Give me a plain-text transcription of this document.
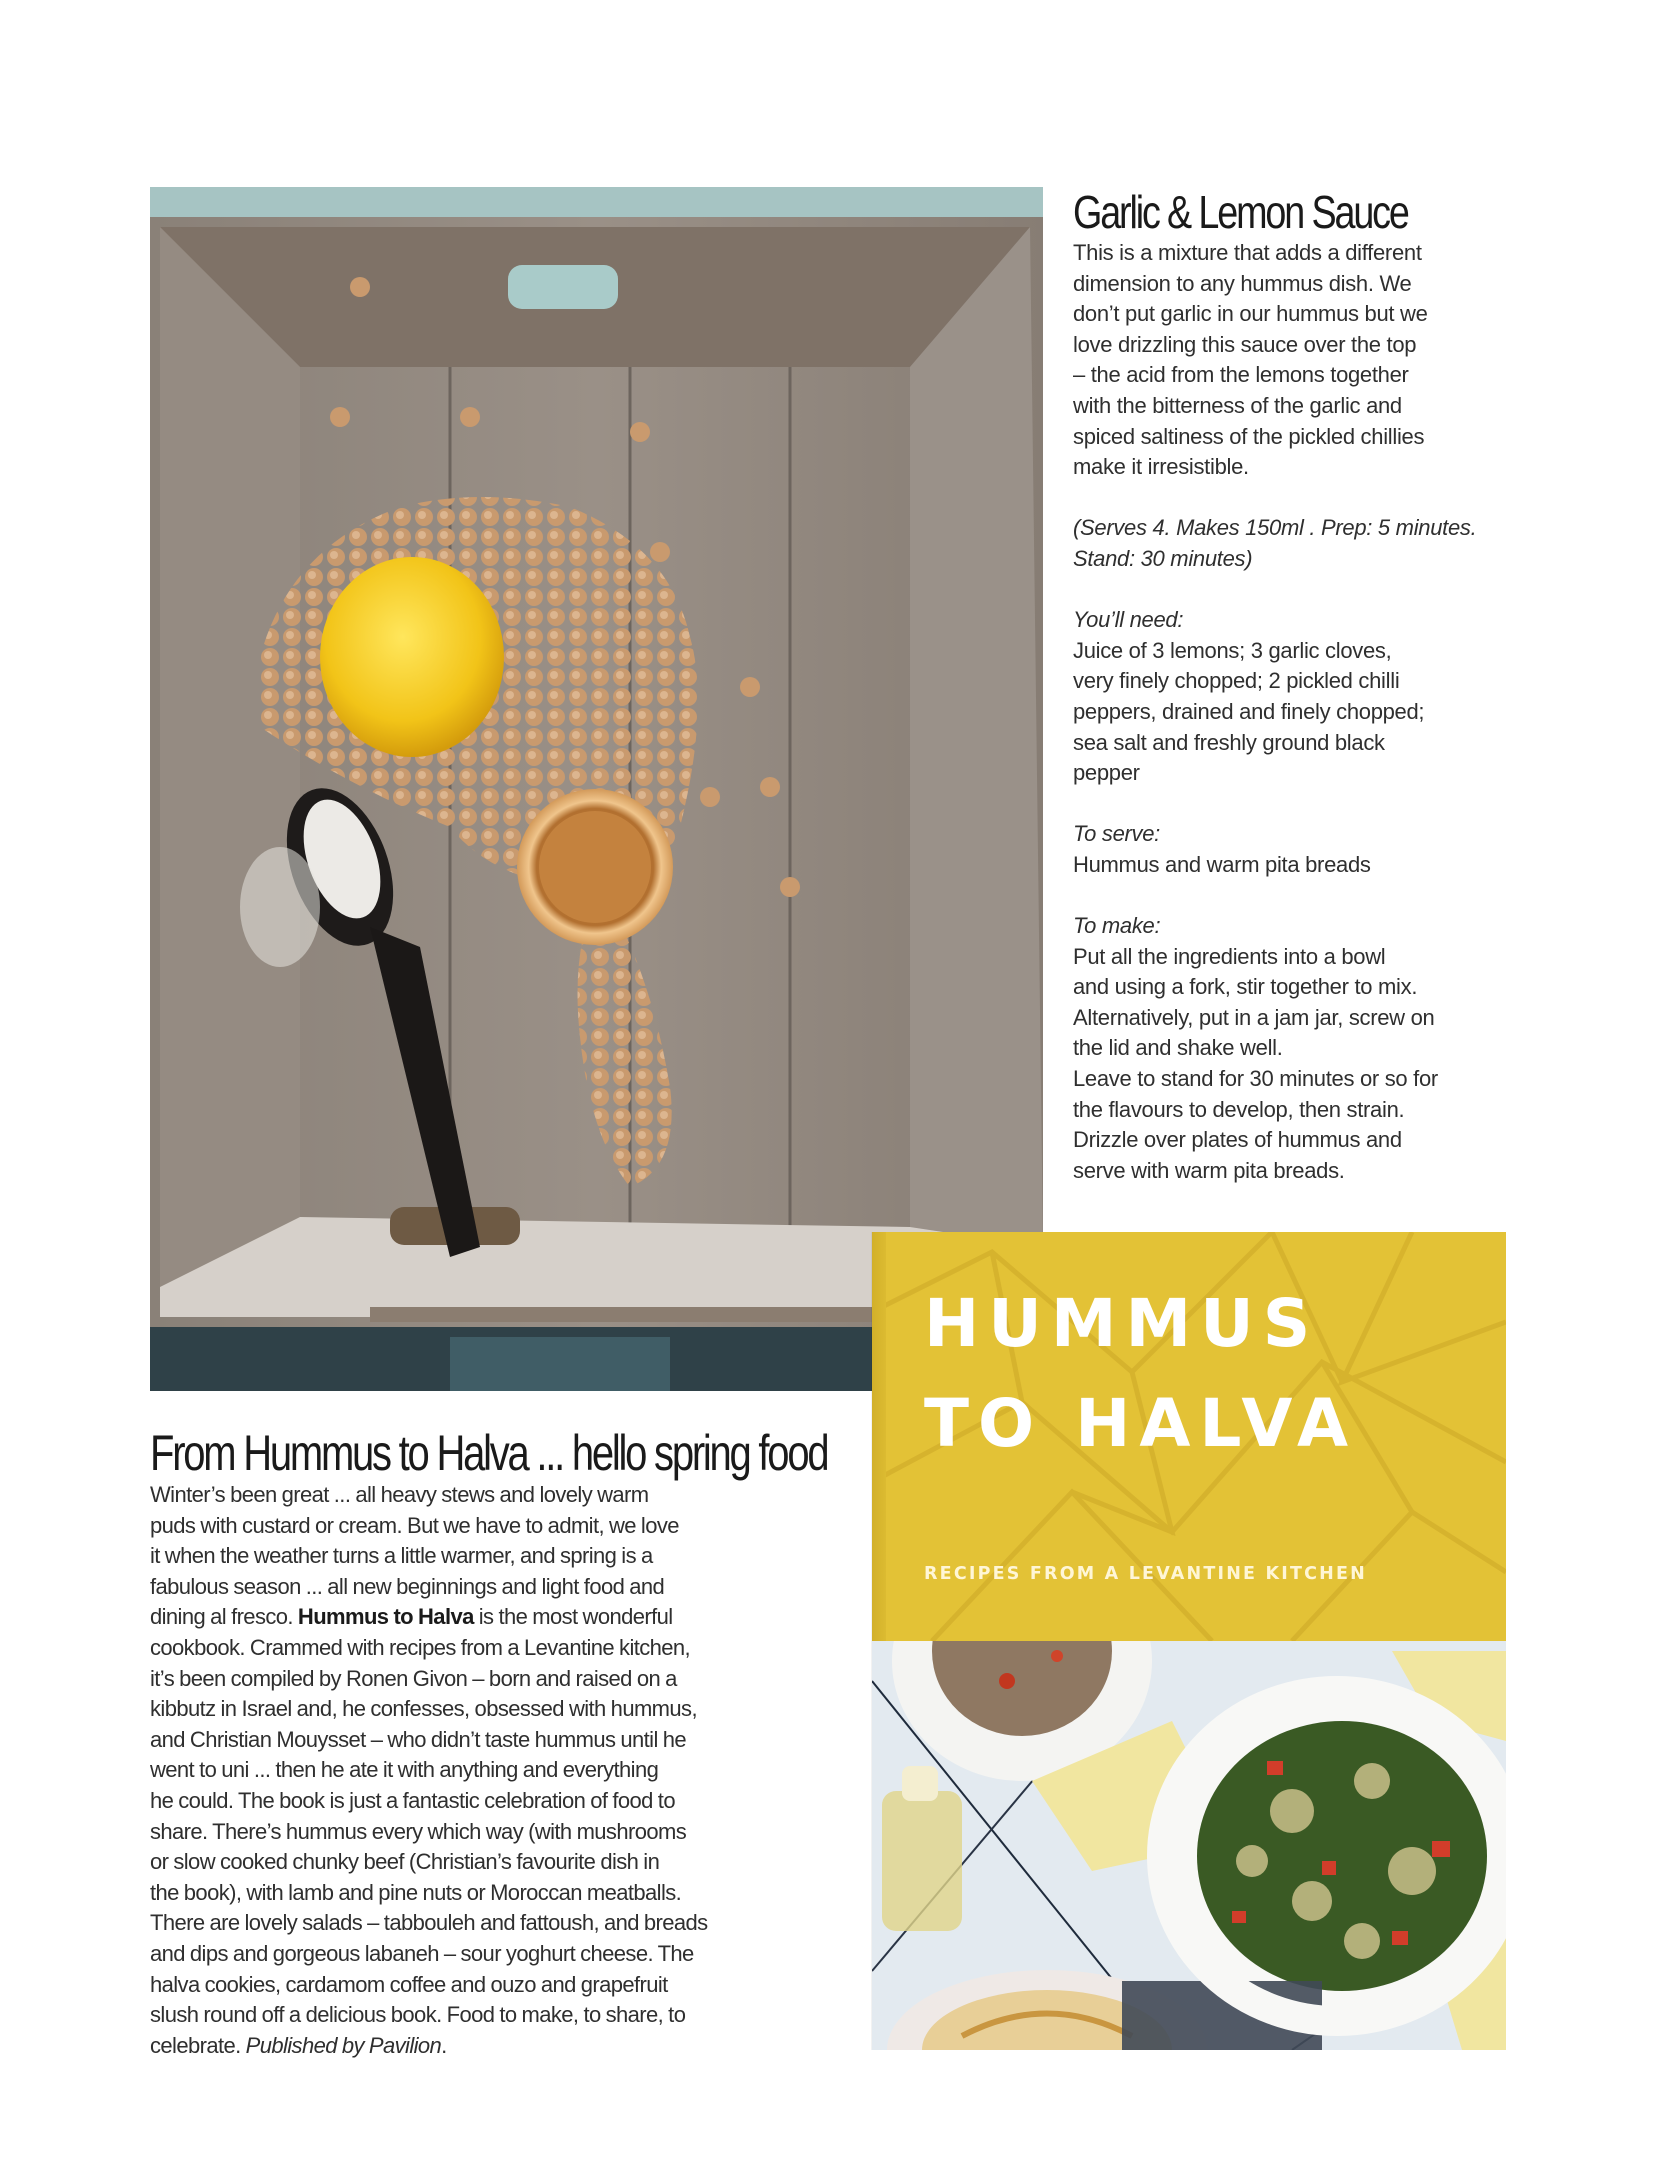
Garlic & Lemon Sauce

This is a mixture that adds a different

dimension to any hummus dish. We

don’t put garlic in our hummus but we

love drizzling this sauce over the top

– the acid from the lemons together

with the bitterness of the garlic and

spiced saltiness of the pickled chillies

make it irresistible.

(Serves 4. Makes 150ml . Prep: 5 minutes.

Stand: 30 minutes)

You’ll need:

Juice of 3 lemons; 3 garlic cloves,

very finely chopped; 2 pickled chilli

peppers, drained and finely chopped;

sea salt and freshly ground black

pepper

To serve:

Hummus and warm pita breads

To make:

Put all the ingredients into a bowl

and using a fork, stir together to mix.

Alternatively, put in a jam jar, screw on

the lid and shake well.

Leave to stand for 30 minutes or so for

the flavours to develop, then strain.

Drizzle over plates of hummus and

serve with warm pita breads.

From Hummus to Halva ... hello spring food

Winter’s been great ... all heavy stews and lovely warm

puds with custard or cream. But we have to admit, we love

it when the weather turns a little warmer, and spring is a

fabulous season ... all new beginnings and light food and

dining al fresco. Hummus to Halva is the most wonderful

cookbook. Crammed with recipes from a Levantine kitchen,

it’s been compiled by Ronen Givon – born and raised on a

kibbutz in Israel and, he confesses, obsessed with hummus,

and Christian Mouysset – who didn’t taste hummus until he

went to uni ... then he ate it with anything and everything

he could. The book is just a fantastic celebration of food to

share. There’s hummus every which way (with mushrooms

or slow cooked chunky beef (Christian’s favourite dish in

the book), with lamb and pine nuts or Moroccan meatballs.

There are lovely salads – tabbouleh and fattoush, and breads

and dips and gorgeous labaneh – sour yoghurt cheese. The

halva cookies, cardamom coffee and ouzo and grapefruit

slush round off a delicious book. Food to make, to share, to

celebrate. Published by Pavilion.

HUMMUS
TO HALVA
RECIPES FROM A LEVANTINE KITCHEN
